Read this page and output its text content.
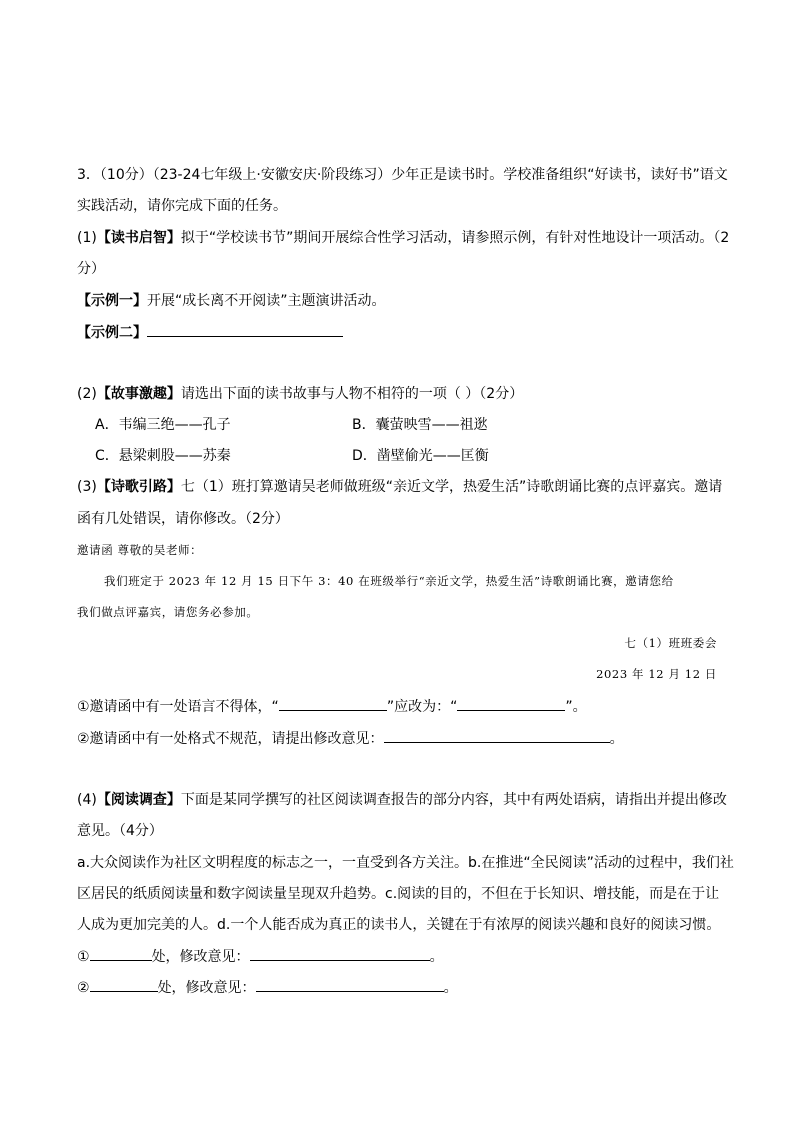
3．（10分）（23-24七年级上·安徽安庆·阶段练习）少年正是读书时。学校准备组织“好读书，读好书”语文
实践活动，请你完成下面的任务。
(1)【读书启智】拟于“学校读书节”期间开展综合性学习活动，请参照示例，有针对性地设计一项活动。（2
分）
【示例一】开展“成长离不开阅读”主题演讲活动。
【示例二】
(2)【故事激趣】请选出下面的读书故事与人物不相符的一项（ ）（2分）
A．韦编三绝——孔子	B．囊萤映雪——祖逖
C．悬梁刺股——苏秦	D．凿壁偷光——匡衡
(3)【诗歌引路】七（1）班打算邀请吴老师做班级“亲近文学，热爱生活”诗歌朗诵比赛的点评嘉宾。邀请
函有几处错误，请你修改。（2分）
邀请函 尊敬的吴老师：
我们班定于 2023 年 12 月 15 日下午 3：40 在班级举行“亲近文学，热爱生活”诗歌朗诵比赛，邀请您给
我们做点评嘉宾，请您务必参加。
七（1）班班委会
2023 年 12 月 12 日
①邀请函中有一处语言不得体，“	”应改为：“	”。
②邀请函中有一处格式不规范，请提出修改意见：	。
(4)【阅读调查】下面是某同学撰写的社区阅读调查报告的部分内容，其中有两处语病，请指出并提出修改
意见。（4分）
a.大众阅读作为社区文明程度的标志之一，一直受到各方关注。b.在推进“全民阅读”活动的过程中，我们社
区居民的纸质阅读量和数字阅读量呈现双升趋势。c.阅读的目的，不但在于长知识、增技能，而是在于让
人成为更加完美的人。d.一个人能否成为真正的读书人，关键在于有浓厚的阅读兴趣和良好的阅读习惯。
①	处，修改意见：	。
②	处，修改意见：	。
